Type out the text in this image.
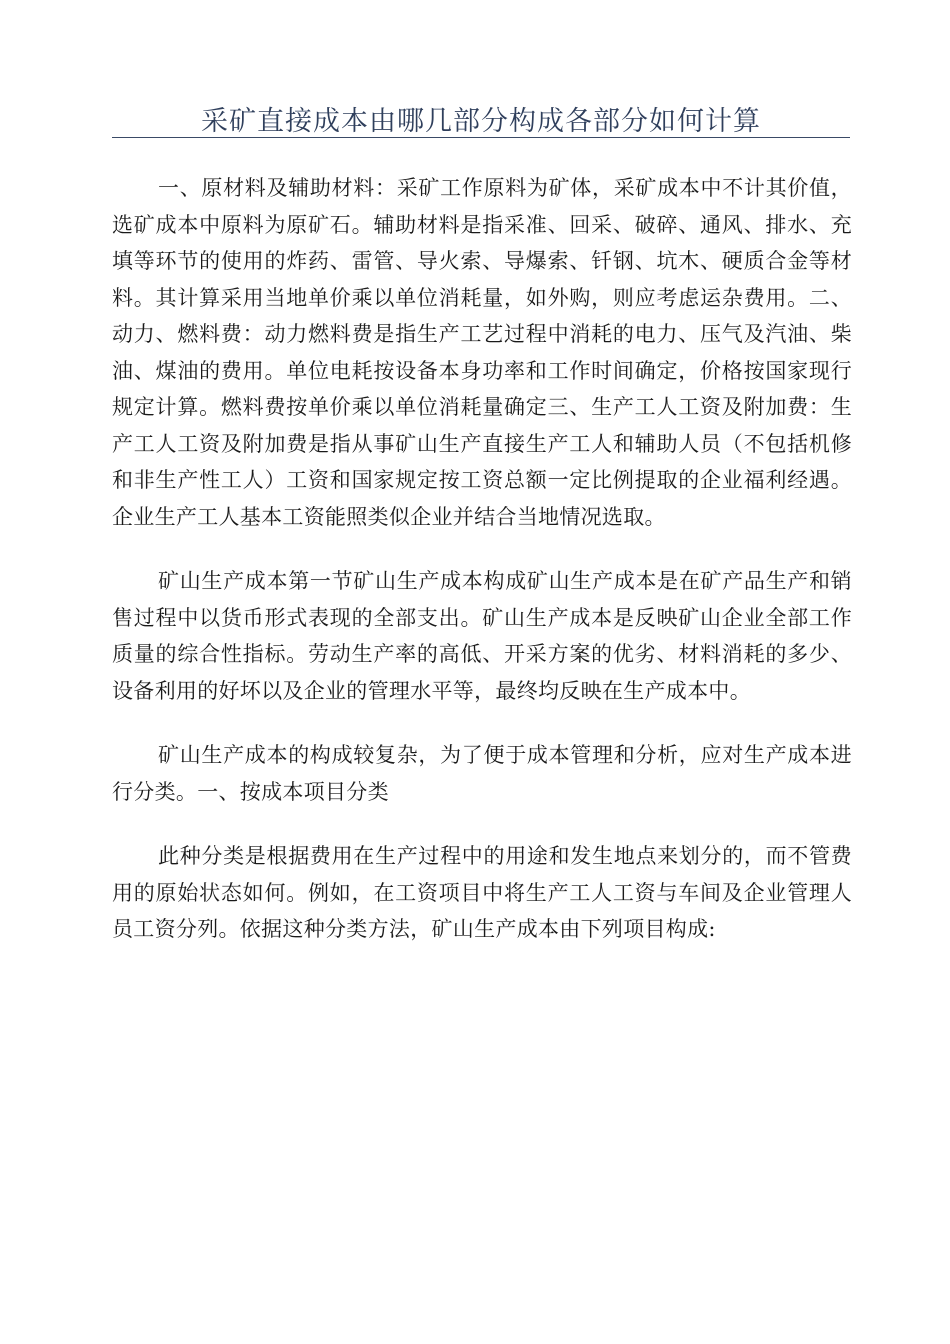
采矿直接成本由哪几部分构成各部分如何计算

一、原材料及辅助材料：采矿工作原料为矿体，采矿成本中不计其价值，选矿成本中原料为原矿石。辅助材料是指采准、回采、破碎、通风、排水、充填等环节的使用的炸药、雷管、导火索、导爆索、钎钢、坑木、硬质合金等材料。其计算采用当地单价乘以单位消耗量，如外购，则应考虑运杂费用。二、动力、燃料费：动力燃料费是指生产工艺过程中消耗的电力、压气及汽油、柴油、煤油的费用。单位电耗按设备本身功率和工作时间确定，价格按国家现行规定计算。燃料费按单价乘以单位消耗量确定三、生产工人工资及附加费：生产工人工资及附加费是指从事矿山生产直接生产工人和辅助人员（不包括机修和非生产性工人）工资和国家规定按工资总额一定比例提取的企业福利经遇。企业生产工人基本工资能照类似企业并结合当地情况选取。

矿山生产成本第一节矿山生产成本构成矿山生产成本是在矿产品生产和销售过程中以货币形式表现的全部支出。矿山生产成本是反映矿山企业全部工作质量的综合性指标。劳动生产率的高低、开采方案的优劣、材料消耗的多少、设备利用的好坏以及企业的管理水平等，最终均反映在生产成本中。

矿山生产成本的构成较复杂，为了便于成本管理和分析，应对生产成本进行分类。一、按成本项目分类

此种分类是根据费用在生产过程中的用途和发生地点来划分的，而不管费用的原始状态如何。例如，在工资项目中将生产工人工资与车间及企业管理人员工资分列。依据这种分类方法，矿山生产成本由下列项目构成:
